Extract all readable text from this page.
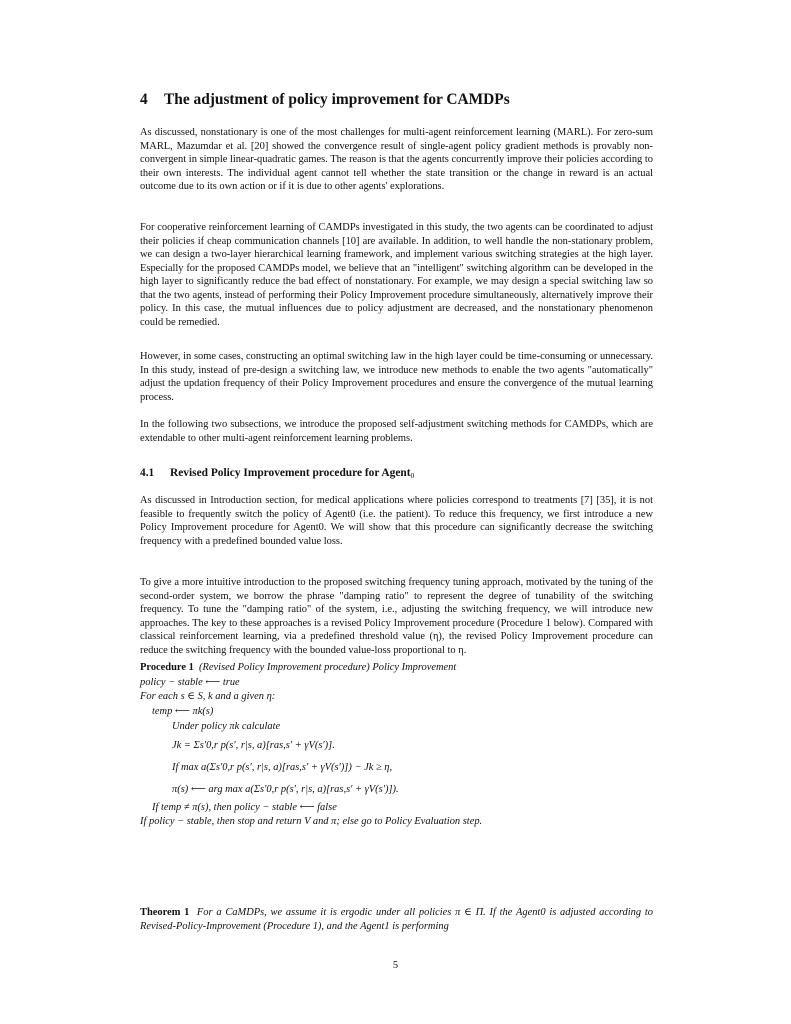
4 The adjustment of policy improvement for CAMDPs

As discussed, nonstationary is one of the most challenges for multi-agent reinforcement learning (MARL). For zero-sum MARL, Mazumdar et al. [20] showed the convergence result of single-agent policy gradient methods is provably non-convergent in simple linear-quadratic games. The reason is that the agents concurrently improve their policies according to their own interests. The individual agent cannot tell whether the state transition or the change in reward is an actual outcome due to its own action or if it is due to other agents' explorations.

For cooperative reinforcement learning of CAMDPs investigated in this study, the two agents can be coordinated to adjust their policies if cheap communication channels [10] are available. In addition, to well handle the non-stationary problem, we can design a two-layer hierarchical learning framework, and implement various switching strategies at the high layer. Especially for the proposed CAMDPs model, we believe that an "intelligent" switching algorithm can be developed in the high layer to significantly reduce the bad effect of nonstationary. For example, we may design a special switching law so that the two agents, instead of performing their Policy Improvement procedure simultaneously, alternatively improve their policy. In this case, the mutual influences due to policy adjustment are decreased, and the nonstationary phenomenon could be remedied.

However, in some cases, constructing an optimal switching law in the high layer could be time-consuming or unnecessary. In this study, instead of pre-design a switching law, we introduce new methods to enable the two agents "automatically" adjust the updation frequency of their Policy Improvement procedures and ensure the convergence of the mutual learning process.

In the following two subsections, we introduce the proposed self-adjustment switching methods for CAMDPs, which are extendable to other multi-agent reinforcement learning problems.

4.1 Revised Policy Improvement procedure for Agent0

As discussed in Introduction section, for medical applications where policies correspond to treatments [7] [35], it is not feasible to frequently switch the policy of Agent0 (i.e. the patient). To reduce this frequency, we first introduce a new Policy Improvement procedure for Agent0. We will show that this procedure can significantly decrease the switching frequency with a predefined bounded value loss.

To give a more intuitive introduction to the proposed switching frequency tuning approach, motivated by the tuning of the second-order system, we borrow the phrase "damping ratio" to represent the degree of tunability of the switching frequency. To tune the "damping ratio" of the system, i.e., adjusting the switching frequency, we will introduce new approaches. The key to these approaches is a revised Policy Improvement procedure (Procedure 1 below). Compared with classical reinforcement learning, via a predefined threshold value (η), the revised Policy Improvement procedure can reduce the switching frequency with the bounded value-loss proportional to η.

Procedure 1 (Revised Policy Improvement procedure) Policy Improvement
policy − stable ⟵ true
For each s ∈ S, k and a given η:
temp ⟵ πk(s)
Under policy πk calculate
Jk = Σs′0,r p(s′, r|s, a)[ras,s′ + γV(s′)].
If max a(Σs′0,r p(s′, r|s, a)[ras,s′ + γV(s′)]) − Jk ≥ η,
π(s) ⟵ arg max a(Σs′0,r p(s′, r|s, a)[ras,s′ + γV(s′)]).
If temp ≠ π(s), then policy − stable ⟵ false
If policy − stable, then stop and return V and π; else go to Policy Evaluation step.
Theorem 1 For a CaMDPs, we assume it is ergodic under all policies π ∈ Π. If the Agent0 is adjusted according to Revised-Policy-Improvement (Procedure 1), and the Agent1 is performing
5
